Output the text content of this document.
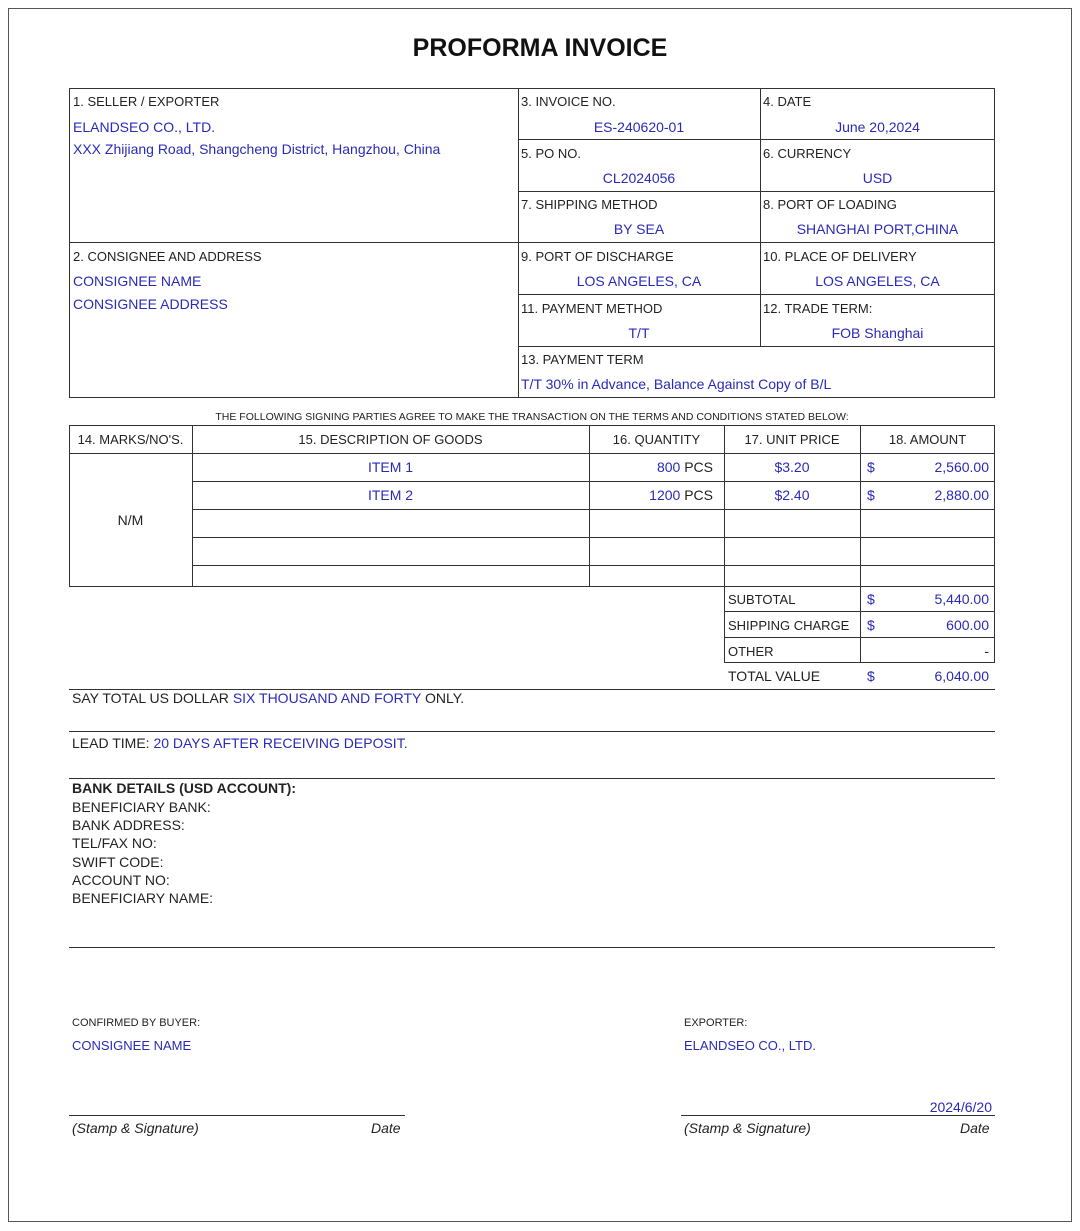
PROFORMA INVOICE
1. SELLER / EXPORTER
ELANDSEO CO., LTD.
XXX Zhijiang Road, Shangcheng District, Hangzhou, China
2. CONSIGNEE AND ADDRESS
CONSIGNEE NAME
CONSIGNEE ADDRESS
3. INVOICE NO.
ES-240620-01
4. DATE
June 20,2024
5. PO NO.
CL2024056
6. CURRENCY
USD
7. SHIPPING METHOD
BY SEA
8. PORT OF LOADING
SHANGHAI PORT,CHINA
9. PORT OF DISCHARGE
LOS ANGELES, CA
10. PLACE OF DELIVERY
LOS ANGELES, CA
11. PAYMENT METHOD
T/T
12. TRADE TERM:
FOB Shanghai
13. PAYMENT TERM
T/T 30% in Advance, Balance Against Copy of B/L
THE FOLLOWING SIGNING PARTIES AGREE TO MAKE THE TRANSACTION ON THE TERMS AND CONDITIONS STATED BELOW:
14. MARKS/NO'S.	15. DESCRIPTION OF GOODS	16. QUANTITY	17. UNIT PRICE	18. AMOUNT
N/M
ITEM 1	800 PCS	$3.20	$	2,560.00
ITEM 2	1200 PCS	$2.40	$	2,880.00
SUBTOTAL	$	5,440.00
SHIPPING CHARGE $	600.00
OTHER	-
TOTAL VALUE	$	6,040.00
SAY TOTAL US DOLLAR SIX THOUSAND AND FORTY ONLY.
LEAD TIME: 20 DAYS AFTER RECEIVING DEPOSIT.
BANK DETAILS (USD ACCOUNT):
BENEFICIARY BANK:
BANK ADDRESS:
TEL/FAX NO:
SWIFT CODE:
ACCOUNT NO:
BENEFICIARY NAME:
CONFIRMED BY BUYER:
CONSIGNEE NAME
(Stamp & Signature)	Date
EXPORTER:
ELANDSEO CO., LTD.
2024/6/20
(Stamp & Signature)	Date
